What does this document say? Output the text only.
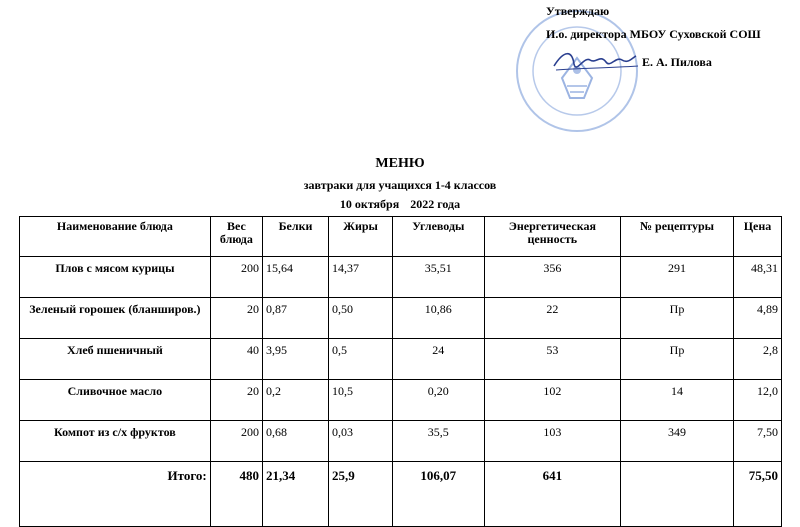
Утверждаю
И.о. директора МБОУ Суховской СОШ
Е. А. Пилова
МЕНЮ
завтраки для учащихся 1-4 классов
10 октября 2022 года
Наименование блюда	Вес блюда	Белки	Жиры	Углеводы	Энергетическая ценность	№ рецептуры	Цена
Плов с мясом курицы	200	15,64	14,37	35,51	356	291	48,31
Зеленый горошек (бланширов.)	20	0,87	0,50	10,86	22	Пр	4,89
Хлеб пшеничный	40	3,95	0,5	24	53	Пр	2,8
Сливочное масло	20	0,2	10,5	0,20	102	14	12,0
Компот из с/х фруктов	200	0,68	0,03	35,5	103	349	7,50
Итого:	480	21,34	25,9	106,07	641		75,50
